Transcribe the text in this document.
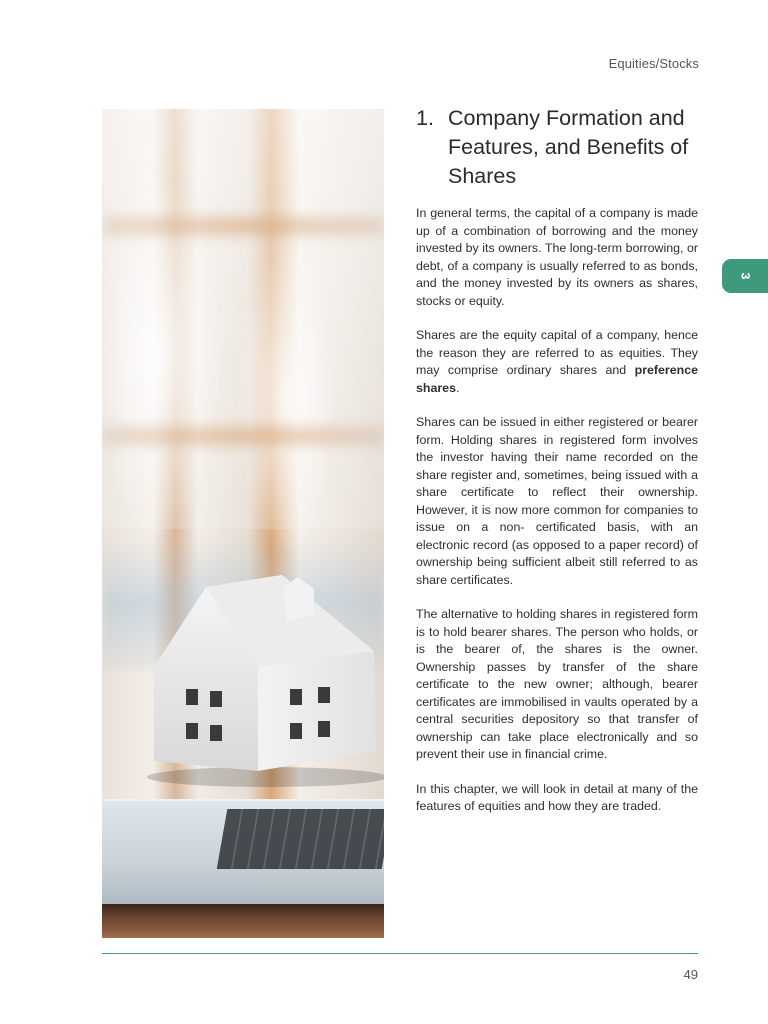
Equities/Stocks
1. Company Formation and Features, and Benefits of Shares

In general terms, the capital of a company is made up of a combination of borrowing and the money invested by its owners. The long-term borrowing, or debt, of a company is usually referred to as bonds, and the money invested by its owners as shares, stocks or equity.

Shares are the equity capital of a company, hence the reason they are referred to as equities. They may comprise ordinary shares and preference shares.

Shares can be issued in either registered or bearer form. Holding shares in registered form involves the investor having their name recorded on the share register and, sometimes, being issued with a share certificate to reflect their ownership. However, it is now more common for companies to issue on a non- certificated basis, with an electronic record (as opposed to a paper record) of ownership being sufficient albeit still referred to as share certificates.

The alternative to holding shares in registered form is to hold bearer shares. The person who holds, or is the bearer of, the shares is the owner. Ownership passes by transfer of the share certificate to the new owner; although, bearer certificates are immobilised in vaults operated by a central securities depository so that transfer of ownership can take place electronically and so prevent their use in financial crime.

In this chapter, we will look in detail at many of the features of equities and how they are traded.

3
49
